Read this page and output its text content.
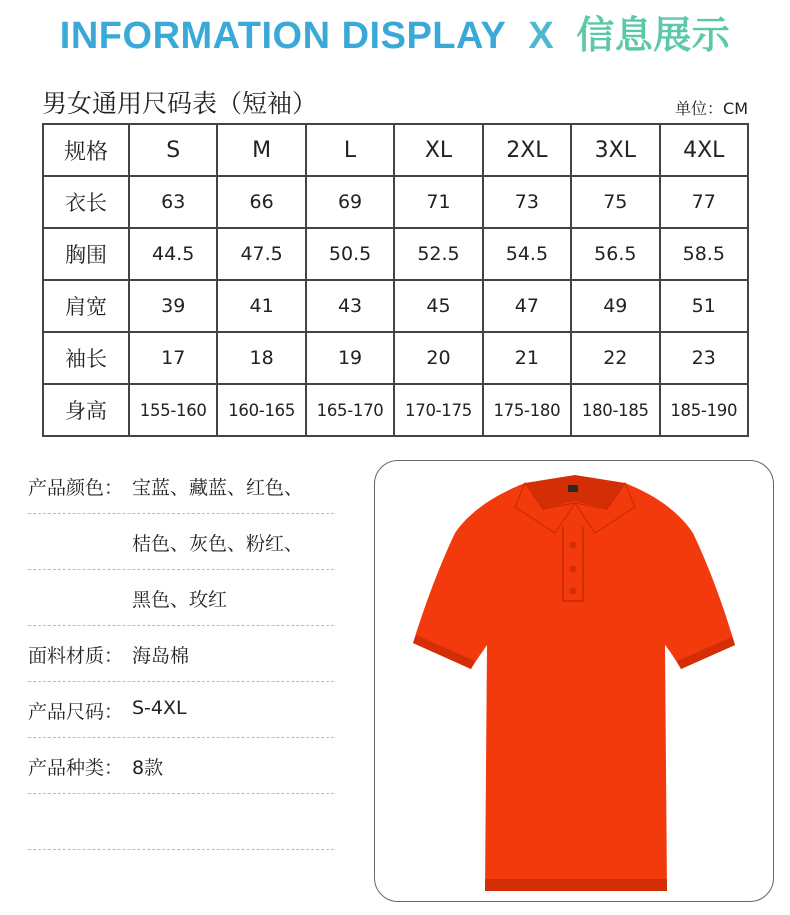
INFORMATION DISPLAY X 信息展示
男女通用尺码表（短袖）	单位：CM
规格	S	M	L	XL	2XL	3XL	4XL
衣长	63	66	69	71	73	75	77
胸围	44.5	47.5	50.5	52.5	54.5	56.5	58.5
肩宽	39	41	43	45	47	49	51
袖长	17	18	19	20	21	22	23
身高	155-160	160-165	165-170	170-175	175-180	180-185	185-190
产品颜色： 宝蓝、藏蓝、红色、
桔色、灰色、粉红、
黑色、玫红
面料材质： 海岛棉
产品尺码： S-4XL
产品种类： 8款
